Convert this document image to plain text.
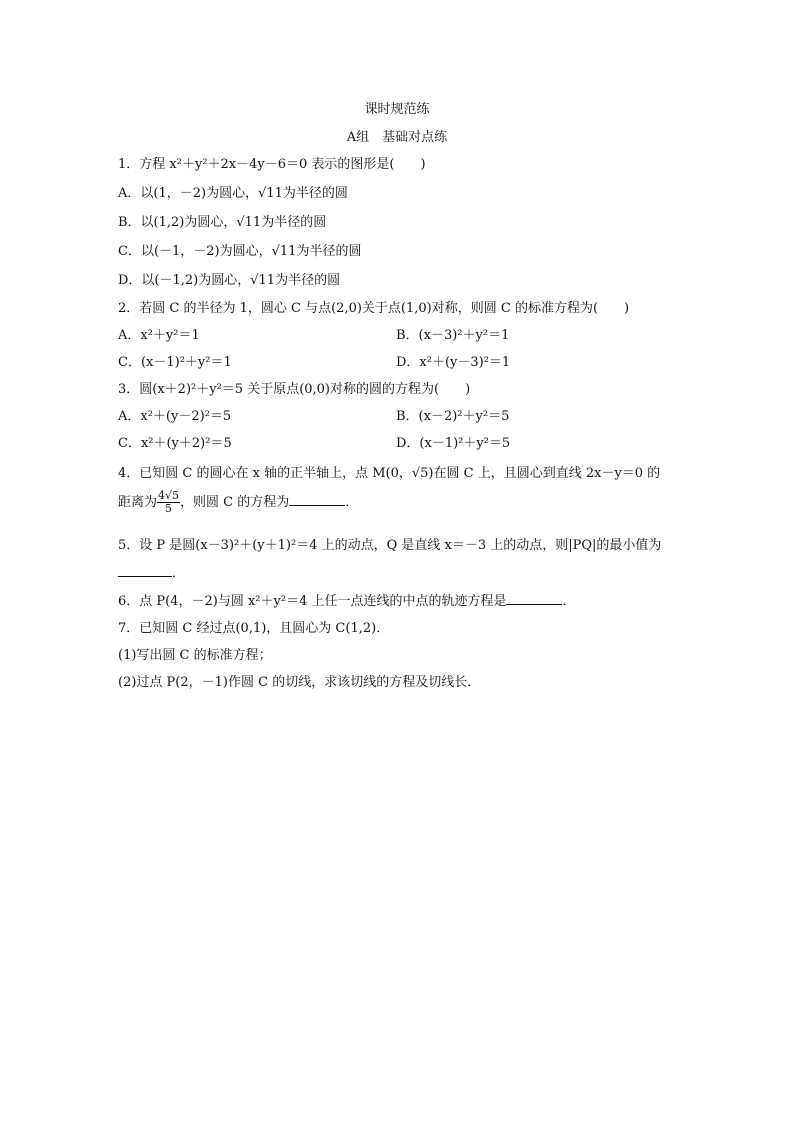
课时规范练
A组　基础对点练
1．方程 x²＋y²＋2x－4y－6＝0 表示的图形是(　　)
A．以(1，－2)为圆心，√11为半径的圆
B．以(1,2)为圆心，√11为半径的圆
C．以(－1，－2)为圆心，√11为半径的圆
D．以(－1,2)为圆心，√11为半径的圆
2．若圆 C 的半径为 1，圆心 C 与点(2,0)关于点(1,0)对称，则圆 C 的标准方程为(　　)
A．x²＋y²＝1	B．(x－3)²＋y²＝1
C．(x－1)²＋y²＝1	D．x²＋(y－3)²＝1
3．圆(x＋2)²＋y²＝5 关于原点(0,0)对称的圆的方程为(　　)
A．x²＋(y－2)²＝5	B．(x－2)²＋y²＝5
C．x²＋(y＋2)²＝5	D．(x－1)²＋y²＝5
4．已知圆 C 的圆心在 x 轴的正半轴上，点 M(0，√5)在圆 C 上，且圆心到直线 2x－y＝0 的
距离为 $\frac{4√5}{5}$ ，则圆 C 的方程为	．
5．设 P 是圆(x－3)²＋(y＋1)²＝4 上的动点，Q 是直线 x＝－3 上的动点，则|PQ|的最小值为
．
6．点 P(4，－2)与圆 x²＋y²＝4 上任一点连线的中点的轨迹方程是	．
7．已知圆 C 经过点(0,1)，且圆心为 C(1,2)．
(1)写出圆 C 的标准方程；
(2)过点 P(2，－1)作圆 C 的切线，求该切线的方程及切线长．
